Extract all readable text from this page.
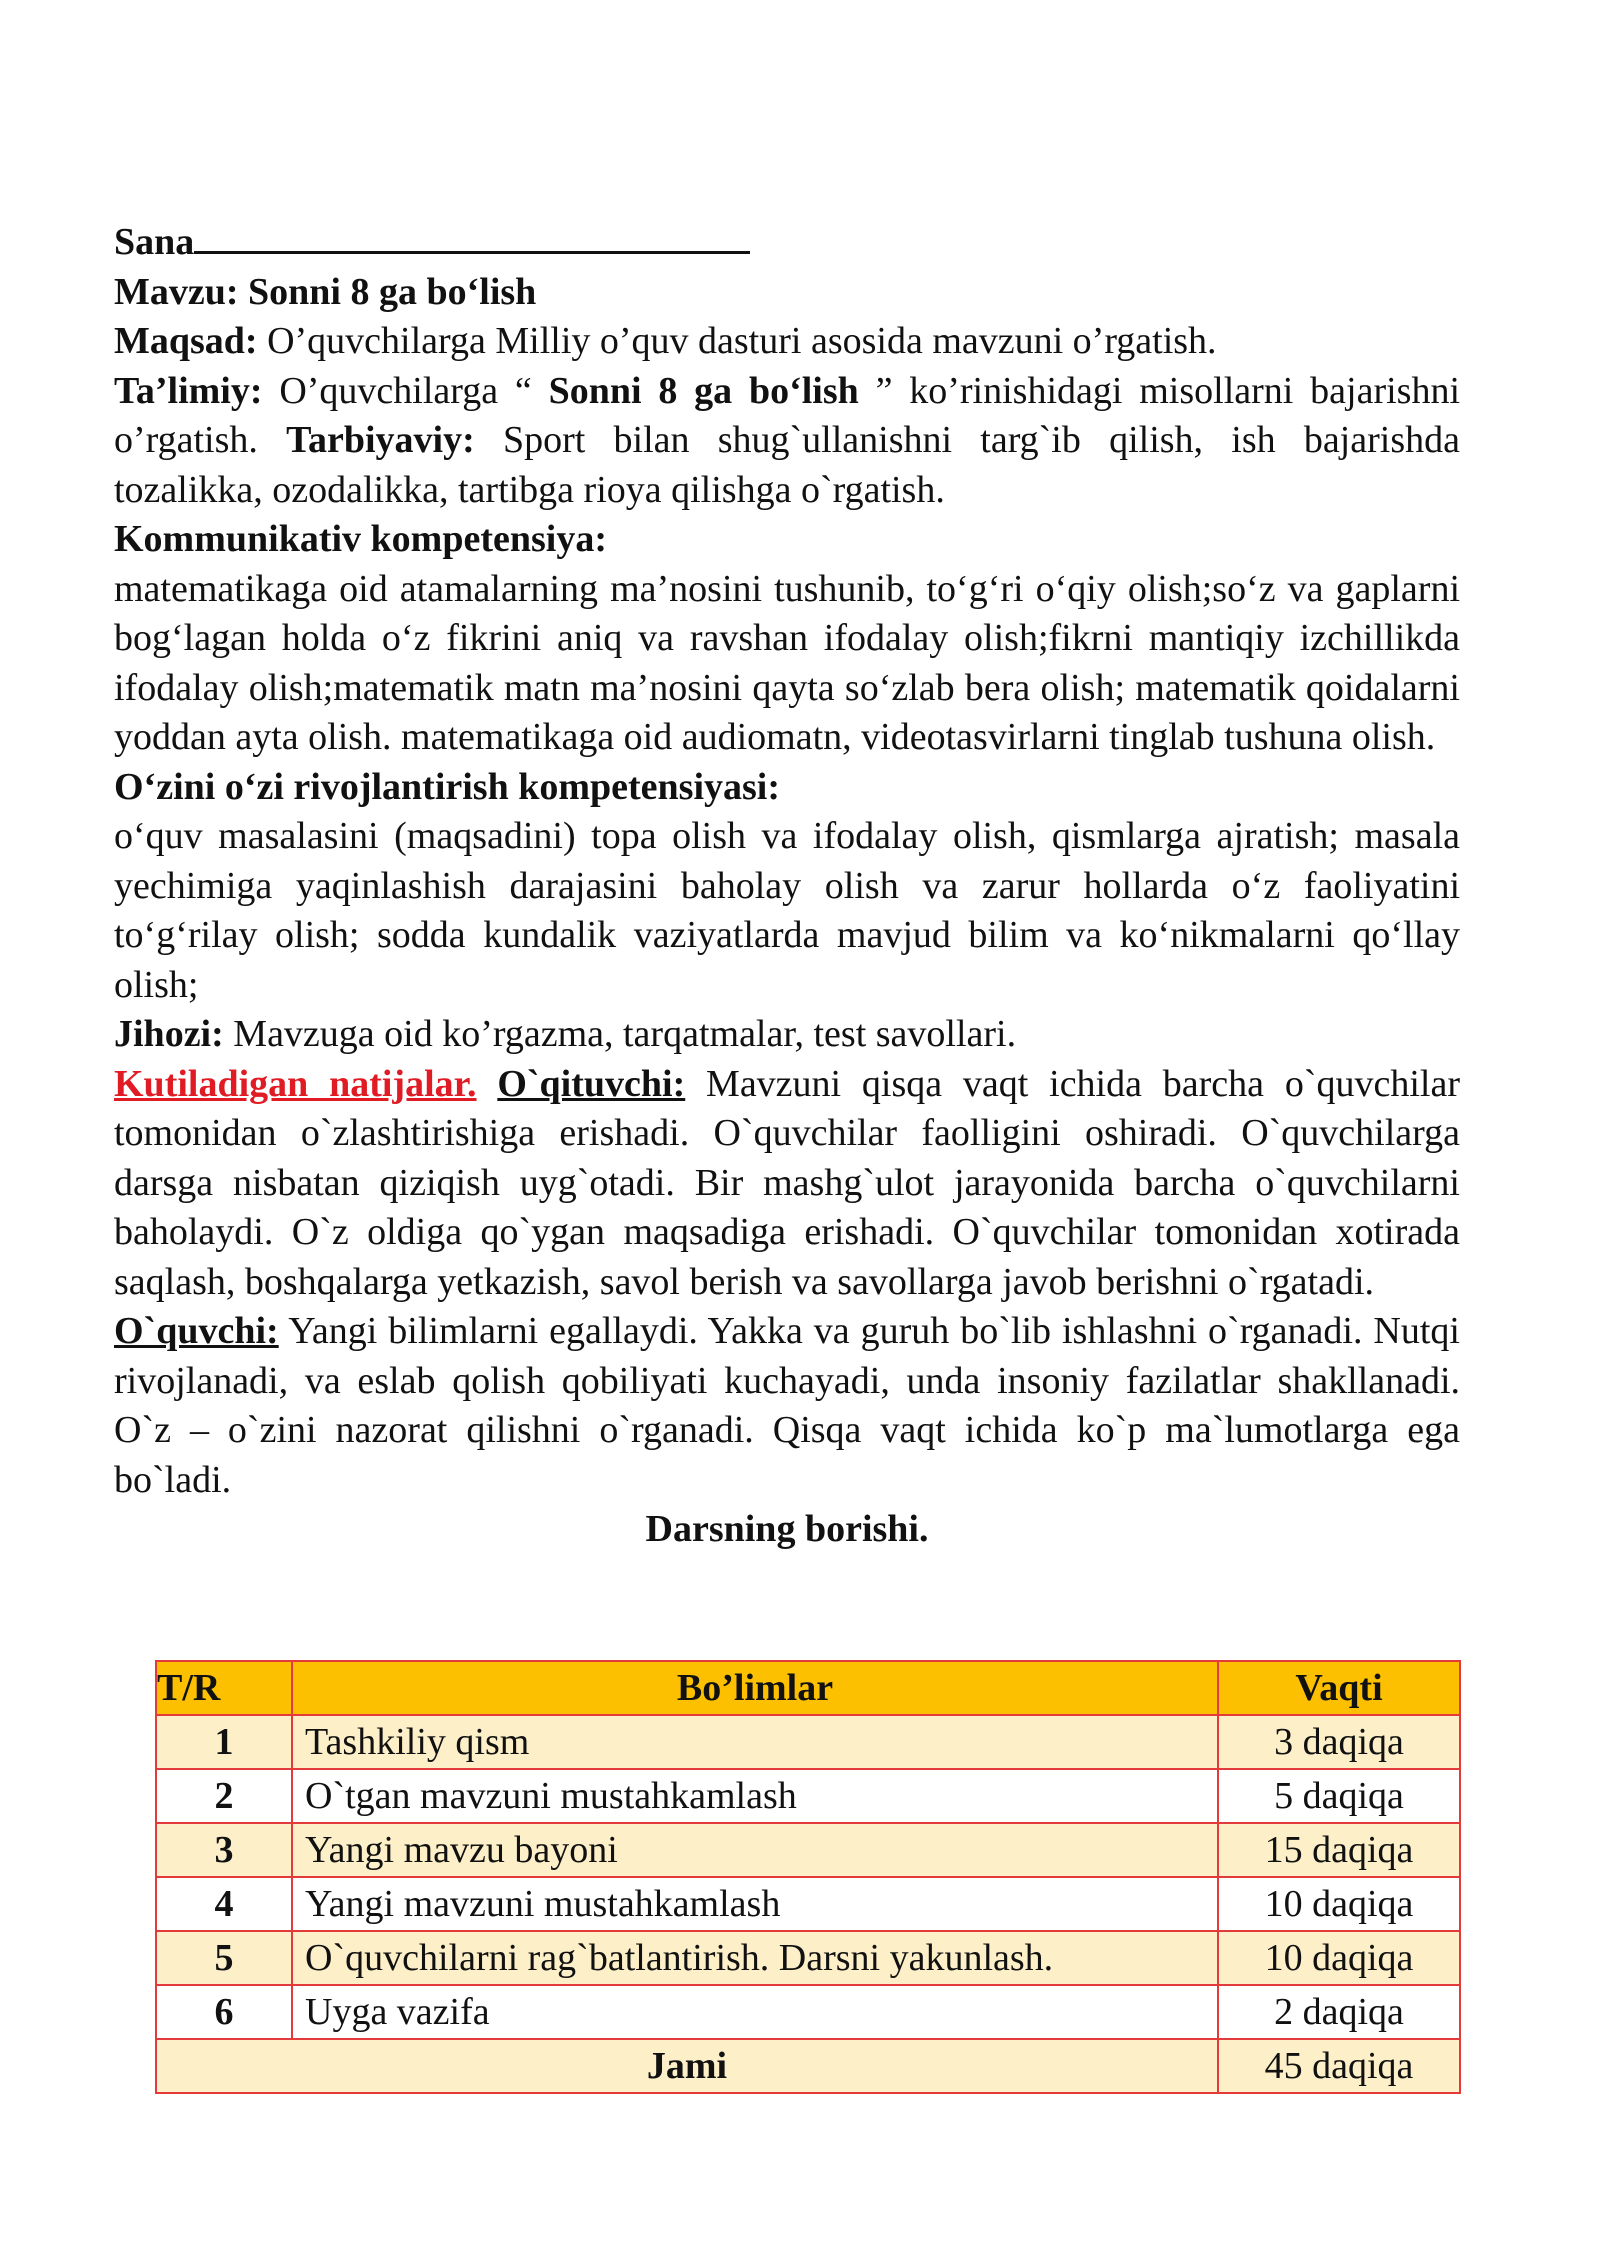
Sana

Mavzu: Sonni 8 ga bo‘lish

Maqsad: O’quvchilarga Milliy o’quv dasturi asosida mavzuni o’rgatish.

Ta’limiy: O’quvchilarga “ Sonni 8 ga bo‘lish ” ko’rinishidagi misollarni bajarishni o’rgatish. Tarbiyaviy: Sport bilan shug`ullanishni targ`ib qilish, ish bajarishda tozalikka, ozodalikka, tartibga rioya qilishga o`rgatish.

Kommunikativ kompetensiya:

matematikaga oid atamalarning ma’nosini tushunib, to‘g‘ri o‘qiy olish;so‘z va gaplarni bog‘lagan holda o‘z fikrini aniq va ravshan ifodalay olish;fikrni mantiqiy izchillikda ifodalay olish;matematik matn ma’nosini qayta so‘zlab bera olish; matematik qoidalarni yoddan ayta olish. matematikaga oid audiomatn, videotasvirlarni tinglab tushuna olish.

O‘zini o‘zi rivojlantirish kompetensiyasi:

o‘quv masalasini (maqsadini) topa olish va ifodalay olish, qismlarga ajratish; masala yechimiga yaqinlashish darajasini baholay olish va zarur hollarda o‘z faoliyatini to‘g‘rilay olish; sodda kundalik vaziyatlarda mavjud bilim va ko‘nikmalarni qo‘llay olish;

Jihozi: Mavzuga oid ko’rgazma, tarqatmalar, test savollari.

Kutiladigan natijalar. O`qituvchi: Mavzuni qisqa vaqt ichida barcha o`quvchilar tomonidan o`zlashtirishiga erishadi. O`quvchilar faolligini oshiradi. O`quvchilarga darsga nisbatan qiziqish uyg`otadi. Bir mashg`ulot jarayonida barcha o`quvchilarni baholaydi. O`z oldiga qo`ygan maqsadiga erishadi. O`quvchilar tomonidan xotirada saqlash, boshqalarga yetkazish, savol berish va savollarga javob berishni o`rgatadi.

O`quvchi: Yangi bilimlarni egallaydi. Yakka va guruh bo`lib ishlashni o`rganadi. Nutqi rivojlanadi, va eslab qolish qobiliyati kuchayadi, unda insoniy fazilatlar shakllanadi. O`z – o`zini nazorat qilishni o`rganadi. Qisqa vaqt ichida ko`p ma`lumotlarga ega bo`ladi.

Darsning borishi.

T/R	Bo’limlar	Vaqti
1	Tashkiliy qism	3 daqiqa
2	O`tgan mavzuni mustahkamlash	5 daqiqa
3	Yangi mavzu bayoni	15 daqiqa
4	Yangi mavzuni mustahkamlash	10 daqiqa
5	O`quvchilarni rag`batlantirish. Darsni yakunlash.	10 daqiqa
6	Uyga vazifa	2 daqiqa
Jami		45 daqiqa
